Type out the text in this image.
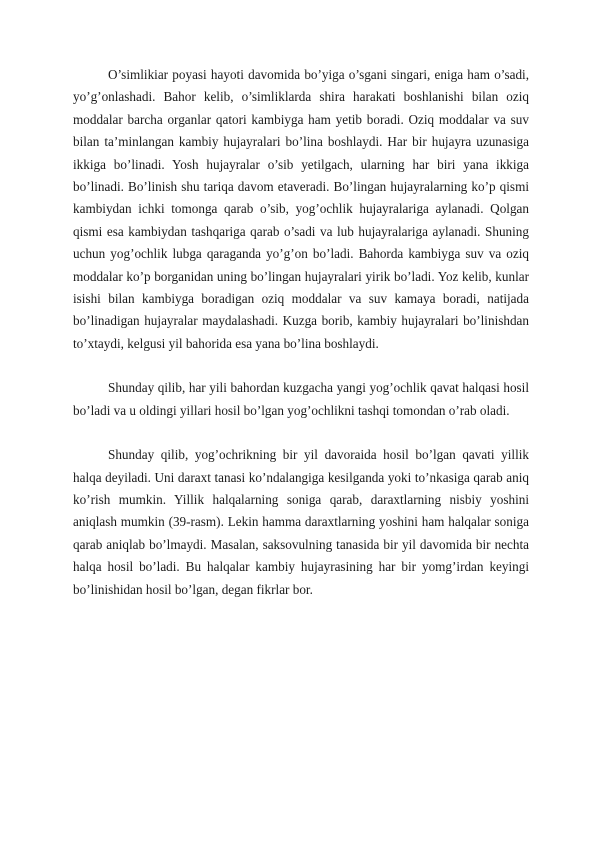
O’simlikiar poyasi hayoti davomida bo’yiga o’sgani singari, eniga ham o’sadi, yo’g’onlashadi. Bahor kelib, o’simliklarda shira harakati boshlanishi bilan oziq moddalar barcha organlar qatori kambiyga ham yetib boradi. Oziq moddalar va suv bilan ta’minlangan kambiy hujayralari bo’lina boshlaydi. Har bir hujayra uzunasiga ikkiga bo’linadi. Yosh hujayralar o’sib yetilgach, ularning har biri yana ikkiga bo’linadi. Bo’linish shu tariqa davom etaveradi. Bo’lingan hujayralarning ko’p qismi kambiydan ichki tomonga qarab o’sib, yog’ochlik hujayralariga aylanadi. Qolgan qismi esa kambiydan tashqariga qarab o’sadi va lub hujayralariga aylanadi. Shuning uchun yog’ochlik lubga qaraganda yo’g’on bo’ladi. Bahorda kambiyga suv va oziq moddalar ko’p borganidan uning bo’lingan hujayralari yirik bo’ladi. Yoz kelib, kunlar isishi bilan kambiyga boradigan oziq moddalar va suv kamaya boradi, natijada bo’linadigan hujayralar maydalashadi. Kuzga borib, kambiy hujayralari bo’linishdan to’xtaydi, kelgusi yil bahorida esa yana bo’lina boshlaydi.

Shunday qilib, har yili bahordan kuzgacha yangi yog’ochlik qavat halqasi hosil bo’ladi va u oldingi yillari hosil bo’lgan yog’ochlikni tashqi tomondan o’rab oladi.

Shunday qilib, yog’ochrikning bir yil davoraida hosil bo’lgan qavati yillik halqa deyiladi. Uni daraxt tanasi ko’ndalangiga kesilganda yoki to’nkasiga qarab aniq ko’rish mumkin. Yillik halqalarning soniga qarab, daraxtlarning nisbiy yoshini aniqlash mumkin (39-rasm). Lekin hamma daraxtlarning yoshini ham halqalar soniga qarab aniqlab bo’lmaydi. Masalan, saksovulning tanasida bir yil davomida bir nechta halqa hosil bo’ladi. Bu halqalar kambiy hujayrasining har bir yomg’irdan keyingi bo’linishidan hosil bo’lgan, degan fikrlar bor.
